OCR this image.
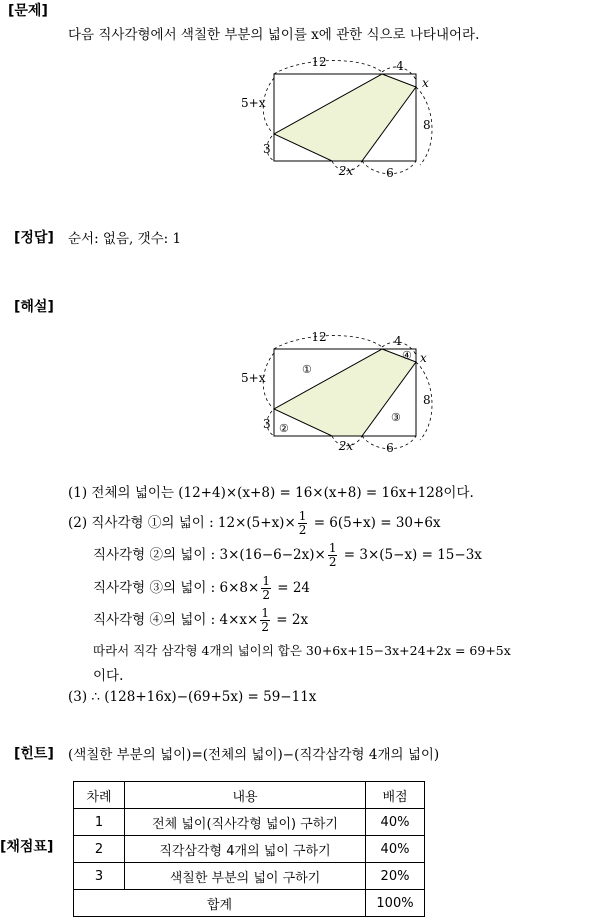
[문제]
다음 직사각형에서 색칠한 부분의 넓이를 x에 관한 식으로 나타내어라.
12	4
x
8
5+x
3
2x	6
[정답] 순서: 없음, 갯수: 1
[해설]
12	4
x
8
5+x
3
2x	6
①
②
③
④
(1) 전체의 넓이는 (12+4)×(x+8) = 16×(x+8) = 16x+128이다.
(2) 직사각형 ①의 넓이 : $12\times(5+x)\times \frac{1}{2} = 6(5+x) = 30+6x$
직사각형 ②의 넓이 : $3\times(16-6-2x)\times \frac{1}{2} = 3\times(5-x) = 15-3x$
직사각형 ③의 넓이 : $6\times 8\times \frac{1}{2} = 24$
직사각형 ④의 넓이 : $4\times x\times \frac{1}{2} = 2x$
따라서 직각 삼각형 4개의 넓이의 합은 30+6x+15−3x+24+2x = 69+5x
이다.
(3) ∴ (128+16x)−(69+5x) = 59−11x
[힌트] (색칠한 부분의 넓이)=(전체의 넓이)−(직각삼각형 4개의 넓이)
[채점표]
차례	내용	배점
1	전체 넓이(직사각형 넓이) 구하기	40%
2	직각삼각형 4개의 넓이 구하기	40%
3	색칠한 부분의 넓이 구하기	20%
합계		100%
